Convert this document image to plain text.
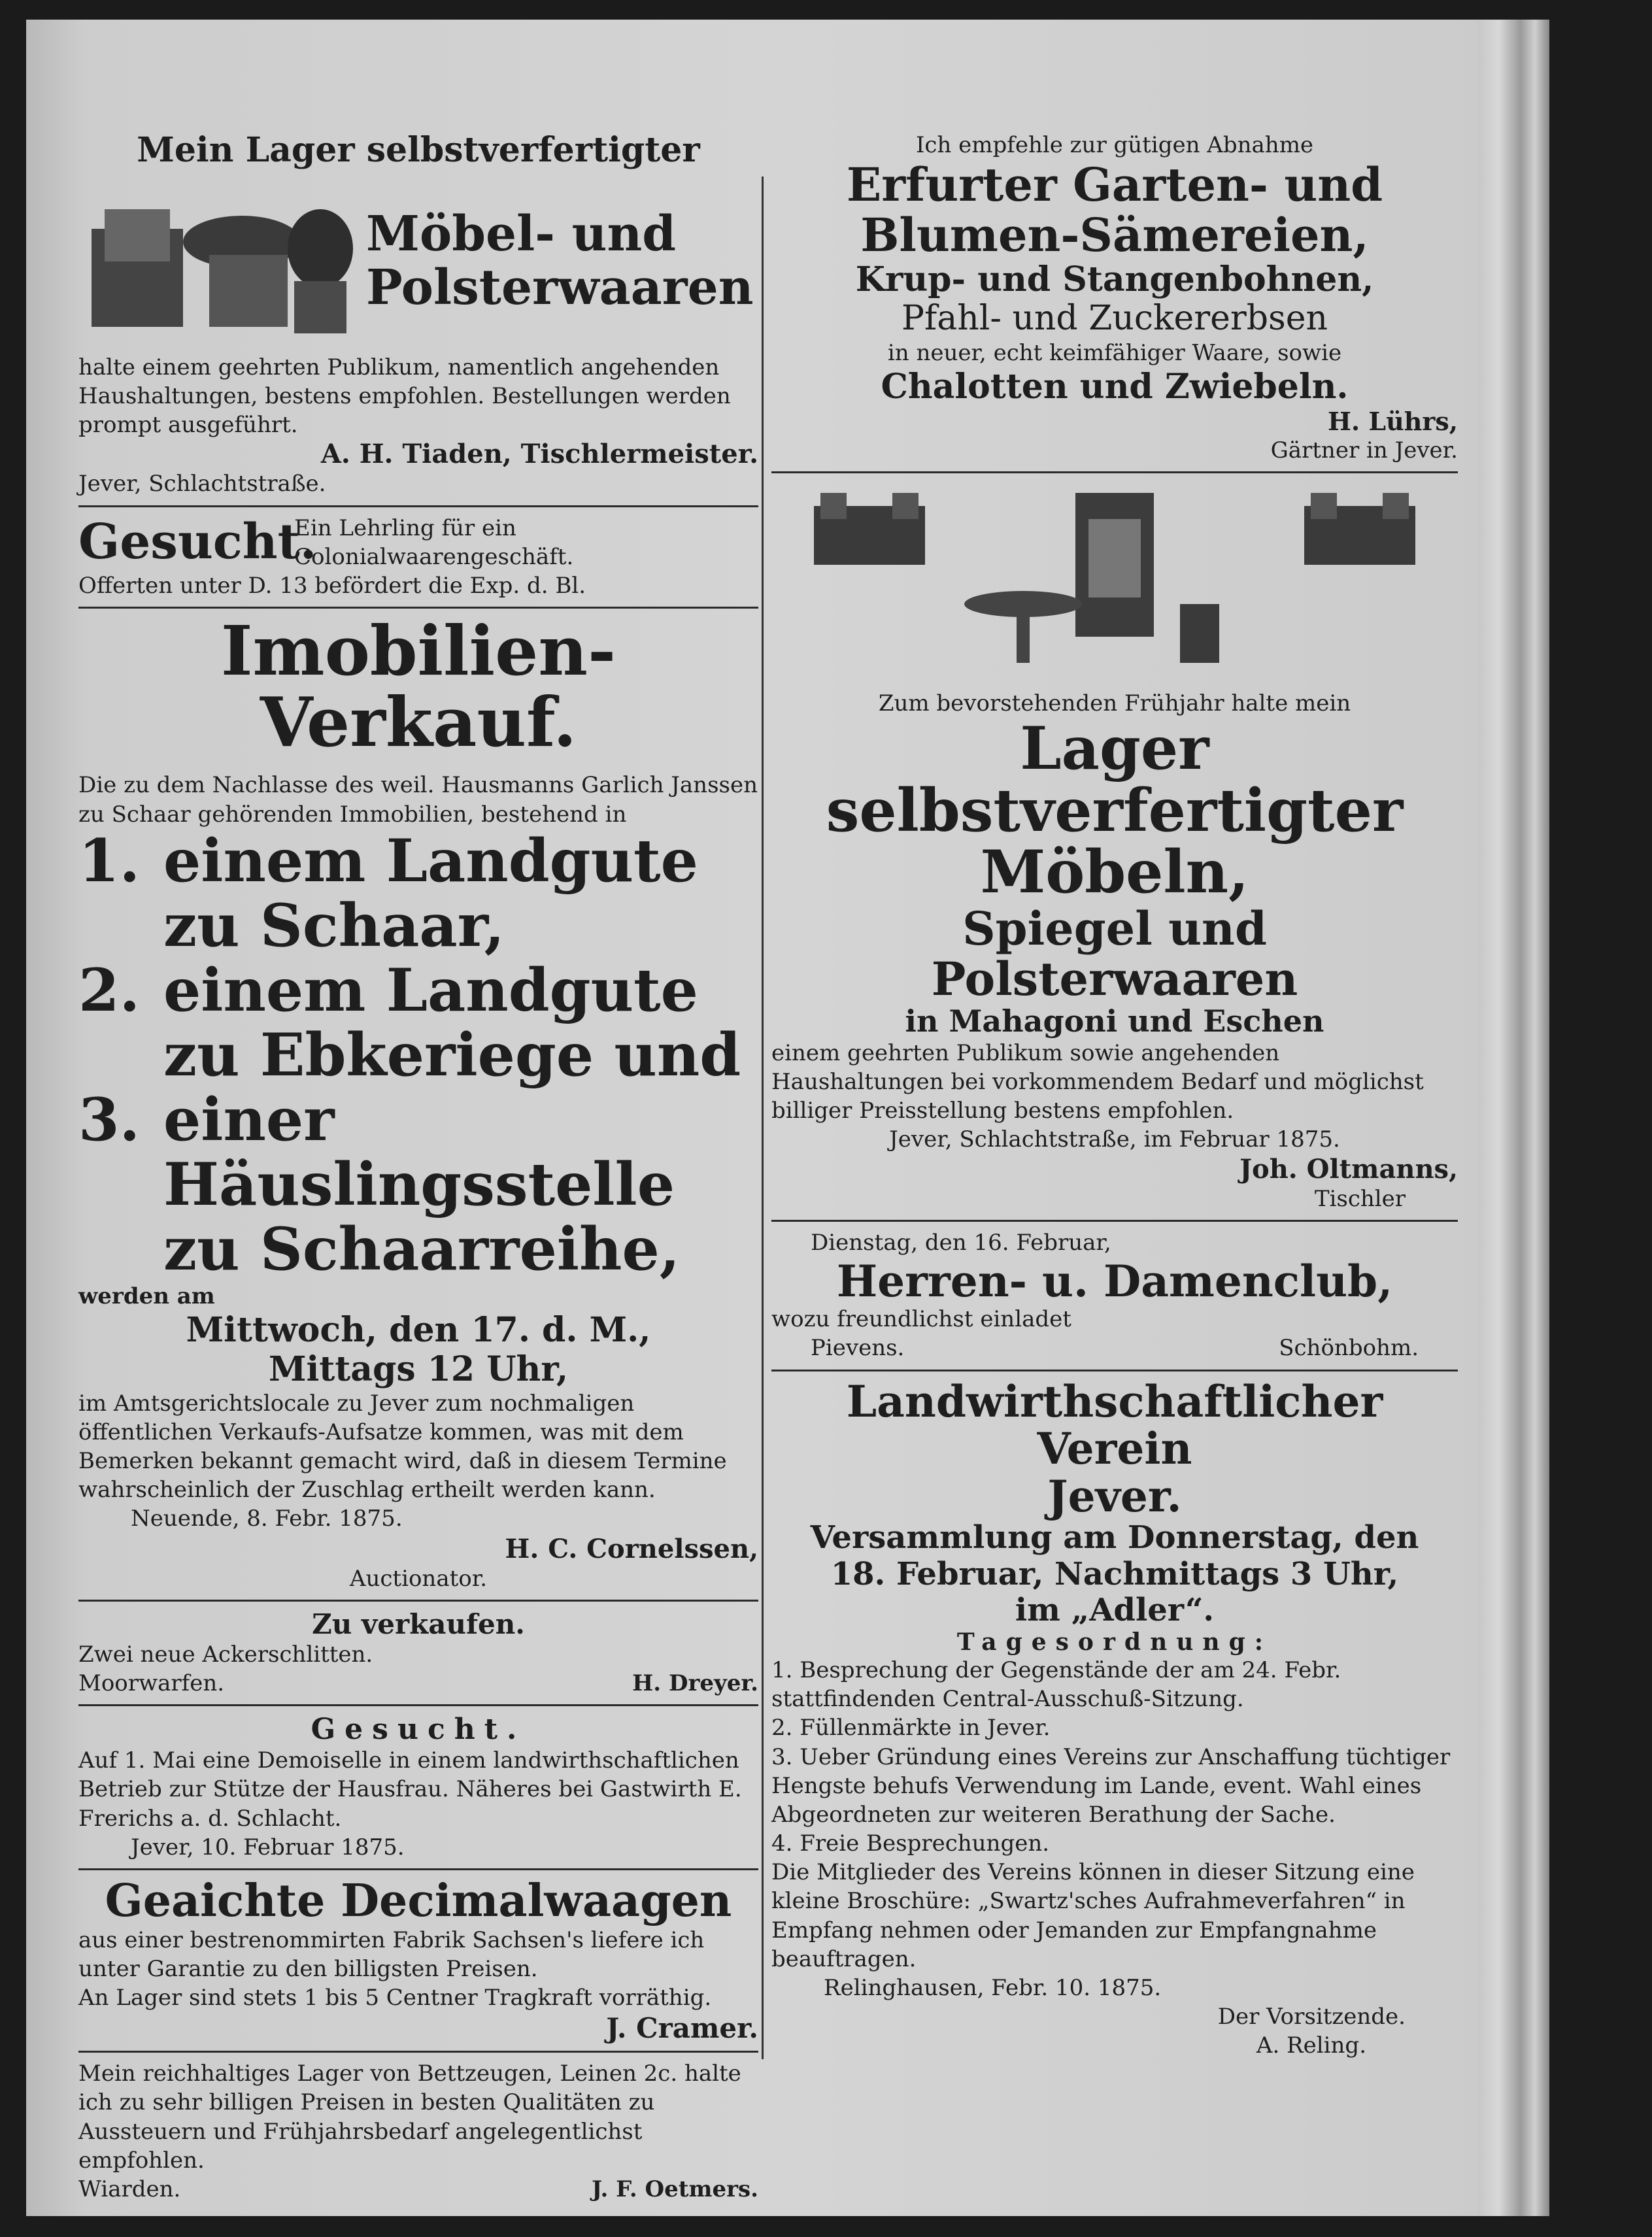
Mein Lager selbstverfertigter

Möbel- und

Polsterwaaren

halte einem geehrten Publikum, namentlich angehenden Haushaltungen, bestens empfohlen. Bestellungen werden prompt ausgeführt.

A. H. Tiaden, Tischlermeister.

Jever, Schlachtstraße.

Gesucht.
Ein Lehrling für ein Colonialwaarengeschäft.

Offerten unter D. 13 befördert die Exp. d. Bl.

Imobilien-Verkauf.

Die zu dem Nachlasse des weil. Hausmanns Garlich Janssen zu Schaar gehörenden Immobilien, bestehend in

1. einem Landgute zu Schaar,
2. einem Landgute zu Ebkeriege und
3. einer Häuslingsstelle zu Schaarreihe,

werden am

Mittwoch, den 17. d. M.,

Mittags 12 Uhr,

im Amtsgerichtslocale zu Jever zum nochmaligen öffentlichen Verkaufs-Aufsatze kommen, was mit dem Bemerken bekannt gemacht wird, daß in diesem Termine wahrscheinlich der Zuschlag ertheilt werden kann.

Neuende, 8. Febr. 1875.

H. C. Cornelssen,

Auctionator.

Zu verkaufen.

Zwei neue Ackerschlitten.

Moorwarfen.	H. Dreyer.

Gesucht.

Auf 1. Mai eine Demoiselle in einem landwirthschaftlichen Betrieb zur Stütze der Hausfrau. Näheres bei Gastwirth E. Frerichs a. d. Schlacht.

Jever, 10. Februar 1875.

Geaichte Decimalwaagen

aus einer bestrenommirten Fabrik Sachsen's liefere ich unter Garantie zu den billigsten Preisen.

An Lager sind stets 1 bis 5 Centner Tragkraft vorräthig.

J. Cramer.

Mein reichhaltiges Lager von Bettzeugen, Leinen 2c. halte ich zu sehr billigen Preisen in besten Qualitäten zu Aussteuern und Frühjahrsbedarf angelegentlichst empfohlen.

Wiarden.	J. F. Oetmers.

Ich empfehle zur gütigen Abnahme

Erfurter Garten- und

Blumen-Sämereien,

Krup- und Stangenbohnen,

Pfahl- und Zuckererbsen

in neuer, echt keimfähiger Waare, sowie

Chalotten und Zwiebeln.

H. Lührs,

Gärtner in Jever.

Zum bevorstehenden Frühjahr halte mein

Lager selbstverfertigter Möbeln,

Spiegel und Polsterwaaren

in Mahagoni und Eschen

einem geehrten Publikum sowie angehenden Haushaltungen bei vorkommendem Bedarf und möglichst billiger Preisstellung bestens empfohlen.

Jever, Schlachtstraße, im Februar 1875.

Joh. Oltmanns,

Tischler

Dienstag, den 16. Februar,

Herren- u. Damenclub,

wozu freundlichst einladet

Pievens.	Schönbohm.

Landwirthschaftlicher Verein

Jever.

Versammlung am Donnerstag, den

18. Februar, Nachmittags 3 Uhr,

im „Adler“.

Tagesordnung:

1. Besprechung der Gegenstände der am 24. Febr. stattfindenden Central-Ausschuß-Sitzung.
2. Füllenmärkte in Jever.
3. Ueber Gründung eines Vereins zur Anschaffung tüchtiger Hengste behufs Verwendung im Lande, event. Wahl eines Abgeordneten zur weiteren Berathung der Sache.
4. Freie Besprechungen.

Die Mitglieder des Vereins können in dieser Sitzung eine kleine Broschüre: „Swartz'sches Aufrahmeverfahren“ in Empfang nehmen oder Jemanden zur Empfangnahme beauftragen.

Relinghausen, Febr. 10. 1875.

Der Vorsitzende.

A. Reling.
